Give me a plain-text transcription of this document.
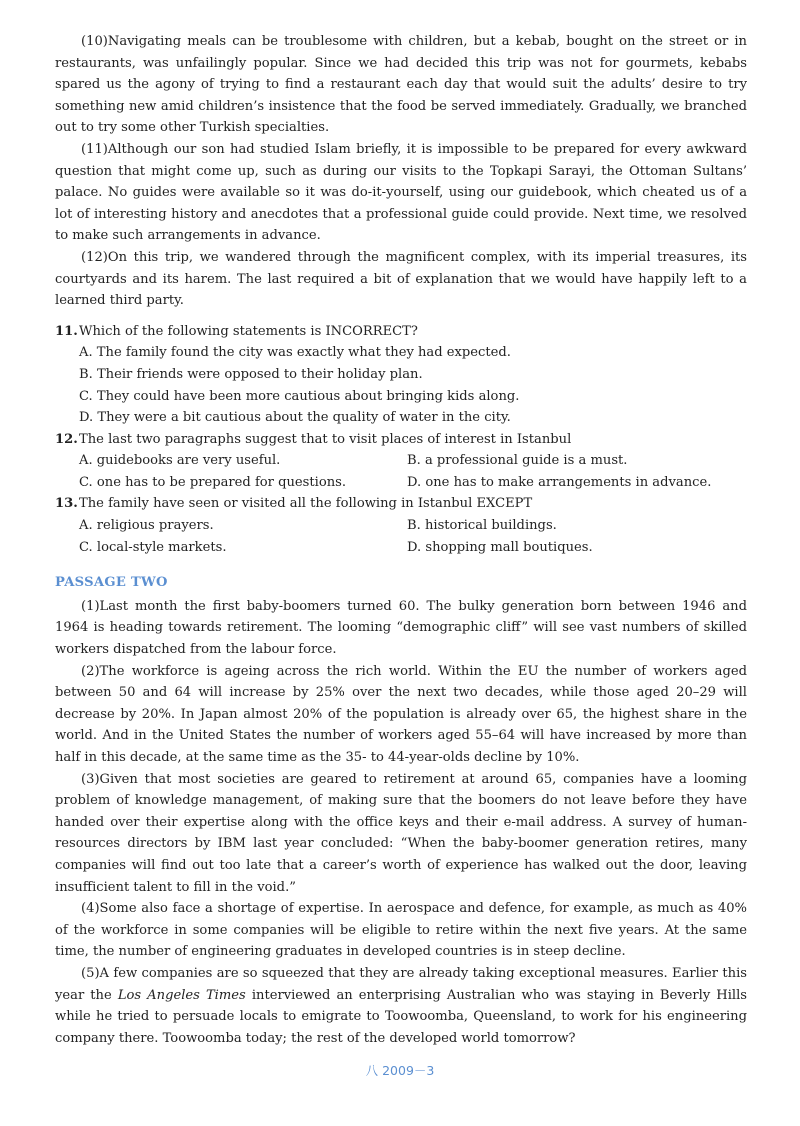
(10)Navigating meals can be troublesome with children, but a kebab, bought on the street or in restaurants, was unfailingly popular. Since we had decided this trip was not for gourmets, kebabs spared us the agony of trying to find a restaurant each day that would suit the adults’ desire to try something new amid children’s insistence that the food be served immediately. Gradually, we branched out to try some other Turkish specialties.

(11)Although our son had studied Islam briefly, it is impossible to be prepared for every awkward question that might come up, such as during our visits to the Topkapi Sarayi, the Ottoman Sultans’ palace. No guides were available so it was do-it-yourself, using our guidebook, which cheated us of a lot of interesting history and anecdotes that a professional guide could provide. Next time, we resolved to make such arrangements in advance.

(12)On this trip, we wandered through the magnificent complex, with its imperial treasures, its courtyards and its harem. The last required a bit of explanation that we would have happily left to a learned third party.

11. Which of the following statements is INCORRECT?
A. The family found the city was exactly what they had expected.
B. Their friends were opposed to their holiday plan.
C. They could have been more cautious about bringing kids along.
D. They were a bit cautious about the quality of water in the city.
12. The last two paragraphs suggest that to visit places of interest in Istanbul
A. guidebooks are very useful.	B. a professional guide is a must.
C. one has to be prepared for questions.	D. one has to make arrangements in advance.
13. The family have seen or visited all the following in Istanbul EXCEPT
A. religious prayers.	B. historical buildings.
C. local-style markets.	D. shopping mall boutiques.
PASSAGE TWO

(1)Last month the first baby-boomers turned 60. The bulky generation born between 1946 and 1964 is heading towards retirement. The looming “demographic cliff” will see vast numbers of skilled workers dispatched from the labour force.

(2)The workforce is ageing across the rich world. Within the EU the number of workers aged between 50 and 64 will increase by 25% over the next two decades, while those aged 20–29 will decrease by 20%. In Japan almost 20% of the population is already over 65, the highest share in the world. And in the United States the number of workers aged 55–64 will have increased by more than half in this decade, at the same time as the 35- to 44-year-olds decline by 10%.

(3)Given that most societies are geared to retirement at around 65, companies have a looming problem of knowledge management, of making sure that the boomers do not leave before they have handed over their expertise along with the office keys and their e-mail address. A survey of human-resources directors by IBM last year concluded: “When the baby-boomer generation retires, many companies will find out too late that a career’s worth of experience has walked out the door, leaving insufficient talent to fill in the void.”

(4)Some also face a shortage of expertise. In aerospace and defence, for example, as much as 40% of the workforce in some companies will be eligible to retire within the next five years. At the same time, the number of engineering graduates in developed countries is in steep decline.

(5)A few companies are so squeezed that they are already taking exceptional measures. Earlier this year the Los Angeles Times interviewed an enterprising Australian who was staying in Beverly Hills while he tried to persuade locals to emigrate to Toowoomba, Queensland, to work for his engineering company there. Toowoomba today; the rest of the developed world tomorrow?

八 2009－3
